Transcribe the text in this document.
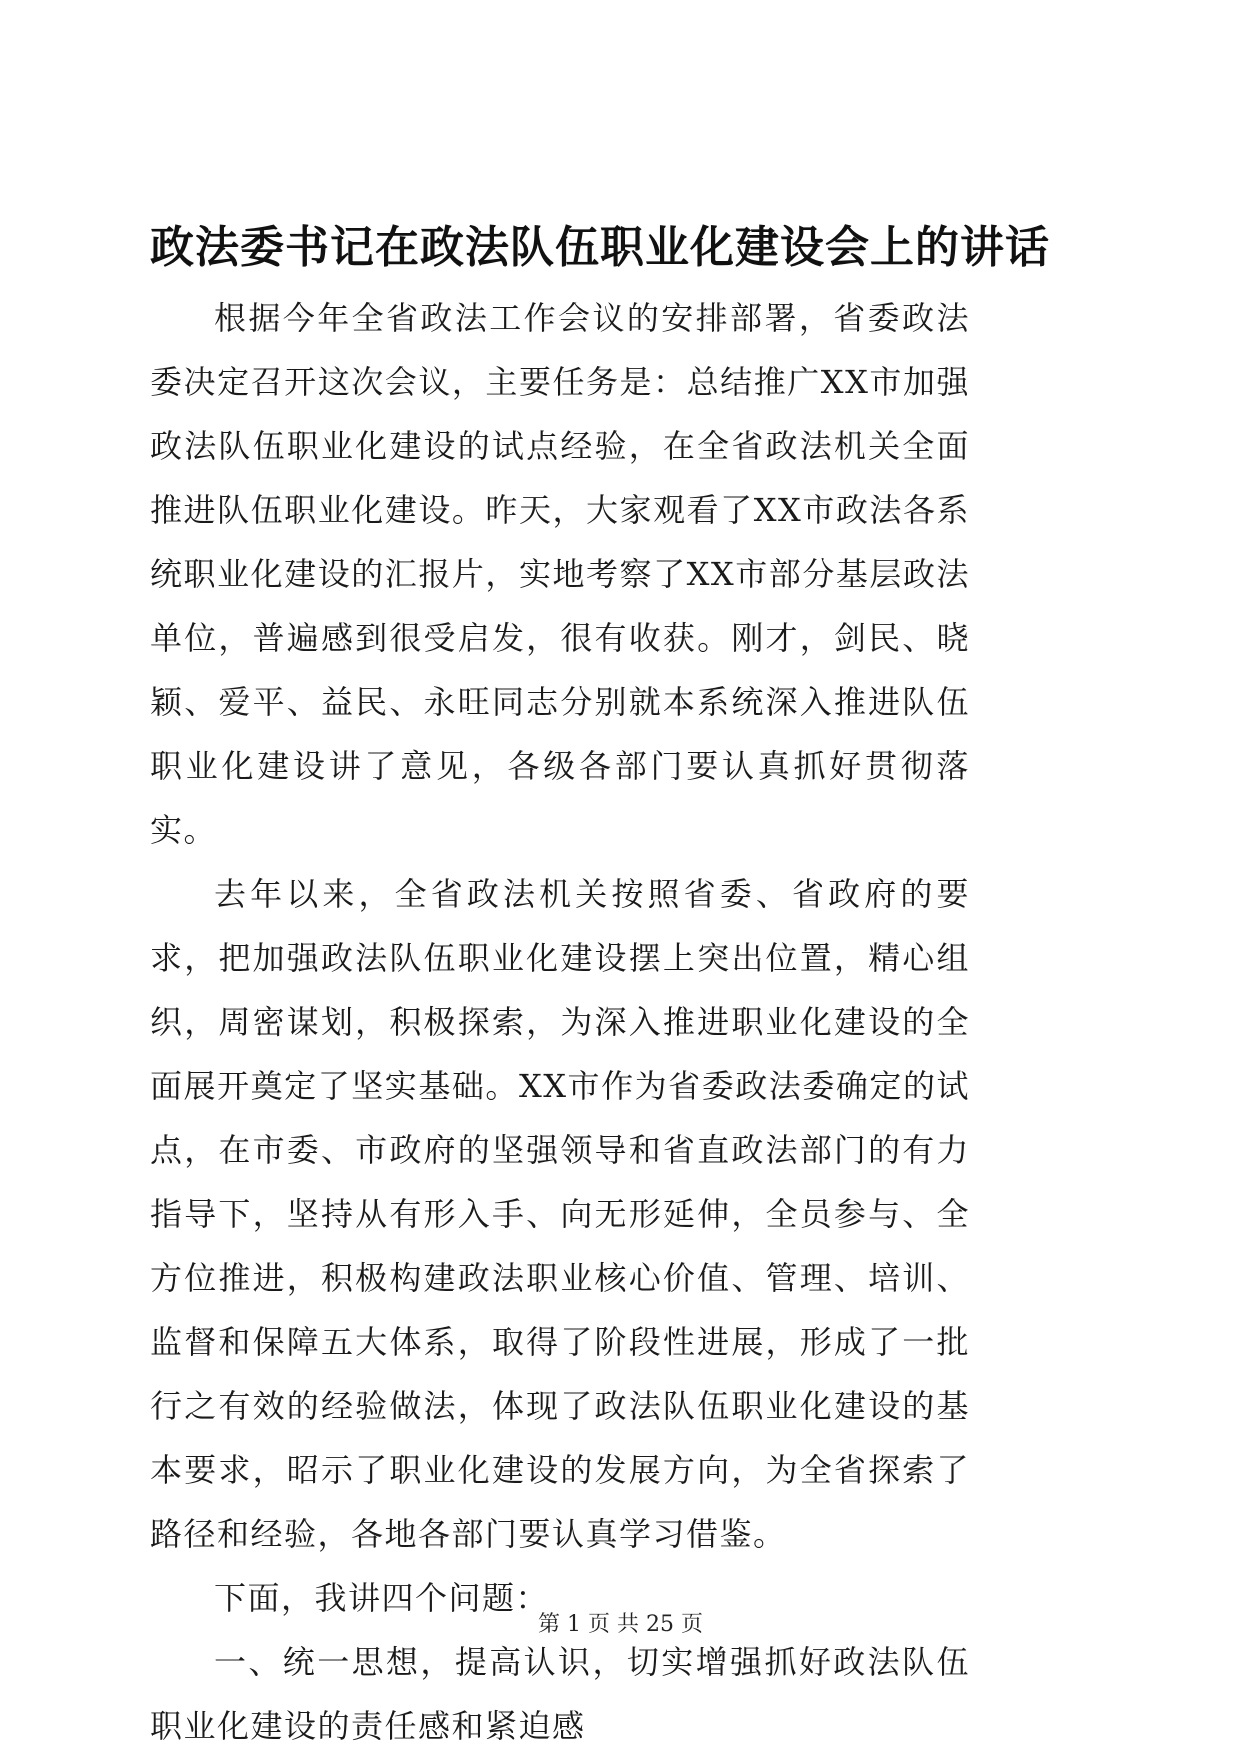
政法委书记在政法队伍职业化建设会上的讲话

根据今年全省政法工作会议的安排部署，省委政法委决定召开这次会议，主要任务是：总结推广XX市加强政法队伍职业化建设的试点经验，在全省政法机关全面推进队伍职业化建设。昨天，大家观看了XX市政法各系统职业化建设的汇报片，实地考察了XX市部分基层政法单位，普遍感到很受启发，很有收获。刚才，剑民、晓颖、爱平、益民、永旺同志分别就本系统深入推进队伍职业化建设讲了意见，各级各部门要认真抓好贯彻落实。

去年以来，全省政法机关按照省委、省政府的要求，把加强政法队伍职业化建设摆上突出位置，精心组织，周密谋划，积极探索，为深入推进职业化建设的全面展开奠定了坚实基础。XX市作为省委政法委确定的试点，在市委、市政府的坚强领导和省直政法部门的有力指导下，坚持从有形入手、向无形延伸，全员参与、全方位推进，积极构建政法职业核心价值、管理、培训、监督和保障五大体系，取得了阶段性进展，形成了一批行之有效的经验做法，体现了政法队伍职业化建设的基本要求，昭示了职业化建设的发展方向，为全省探索了路径和经验，各地各部门要认真学习借鉴。

下面，我讲四个问题：

一、统一思想，提高认识，切实增强抓好政法队伍职业化建设的责任感和紧迫感

第 1 页 共 25 页
